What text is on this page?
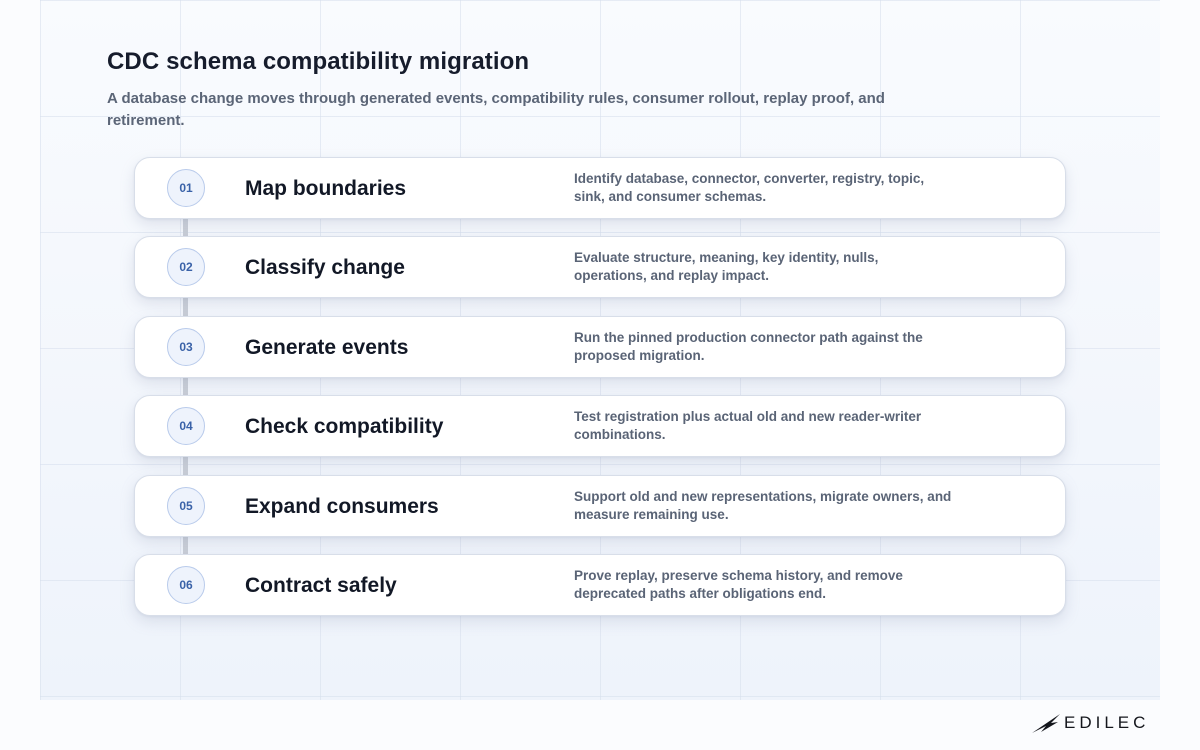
CDC schema compatibility migration

A database change moves through generated events, compatibility rules, consumer rollout, replay proof, and retirement.

01	Map boundaries	Identify database, connector, converter, registry, topic, sink, and consumer schemas.
02	Classify change	Evaluate structure, meaning, key identity, nulls, operations, and replay impact.
03	Generate events	Run the pinned production connector path against the proposed migration.
04	Check compatibility	Test registration plus actual old and new reader-writer combinations.
05	Expand consumers	Support old and new representations, migrate owners, and measure remaining use.
06	Contract safely	Prove replay, preserve schema history, and remove deprecated paths after obligations end.
EDILEC
